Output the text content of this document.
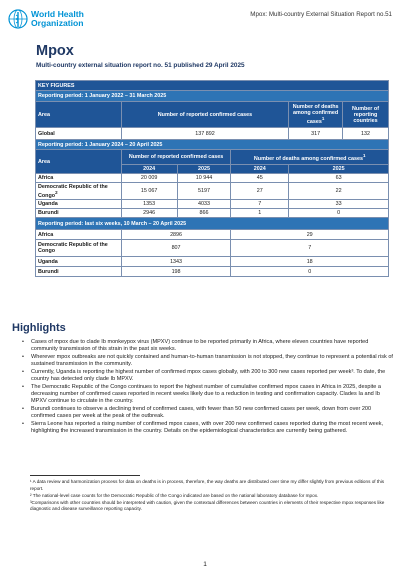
World Health
Organization
Mpox: Multi-country External Situation Report no.51
Mpox
Multi-country external situation report no. 51 published 29 April 2025
KEY FIGURES					
Reporting period: 1 January 2022 – 31 March 2025					
Area	Number of reported confirmed cases			Number of deaths among confirmed cases$^1$	Number of reporting countries
Global	137 892			317	132
Reporting period: 1 January 2024 – 20 April 2025					
Area	Number of reported confirmed cases		Number of deaths among confirmed cases$^1$
	2024	2025	2024	2025	
Africa	20 009	10 944	45	63	
Democratic Republic of the Congo$^2$	15 067	5197	27	22	
Uganda	1353	4033	7	33	
Burundi	2946	866	1	0	
Reporting period: last six weeks, 10 March – 20 April 2025					
Africa	2896		29		
Democratic Republic of the Congo	807		7		
Uganda	1343		18		
Burundi	198		0		
Highlights
• Cases of mpox due to clade Ib monkeypox virus (MPXV) continue to be reported primarily in Africa, where eleven countries have reported community transmission of this strain in the past six weeks.
• Wherever mpox outbreaks are not quickly contained and human-to-human transmission is not stopped, they continue to represent a potential risk of sustained transmission in the community.
• Currently, Uganda is reporting the highest number of confirmed mpox cases globally, with 200 to 300 new cases reported per week³. To date, the country has detected only clade Ib MPXV.
• The Democratic Republic of the Congo continues to report the highest number of cumulative confirmed mpox cases in Africa in 2025, despite a decreasing number of confirmed cases reported in recent weeks likely due to a reduction in testing and confirmation capacity. Clades Ia and Ib MPXV continue to circulate in the country.
• Burundi continues to observe a declining trend of confirmed cases, with fewer than 50 new confirmed cases per week, down from over 200 confirmed cases per week at the peak of the outbreak.
• Sierra Leone has reported a rising number of confirmed mpox cases, with over 200 new confirmed cases reported during the most recent week, highlighting the increased transmission in the country. Details on the epidemiological characteristics are currently being gathered.

¹ A data review and harmonization process for data on deaths is in process, therefore, the way deaths are distributed over time my differ slightly from previous editions of this report.

² The national-level case counts for the Democratic Republic of the Congo indicated are based on the national laboratory database for mpox.

³Comparisons with other countries should be interpreted with caution, given the contextual differences between countries in elements of their respective mpox responses like diagnostic and disease surveillance reporting capacity.

1
